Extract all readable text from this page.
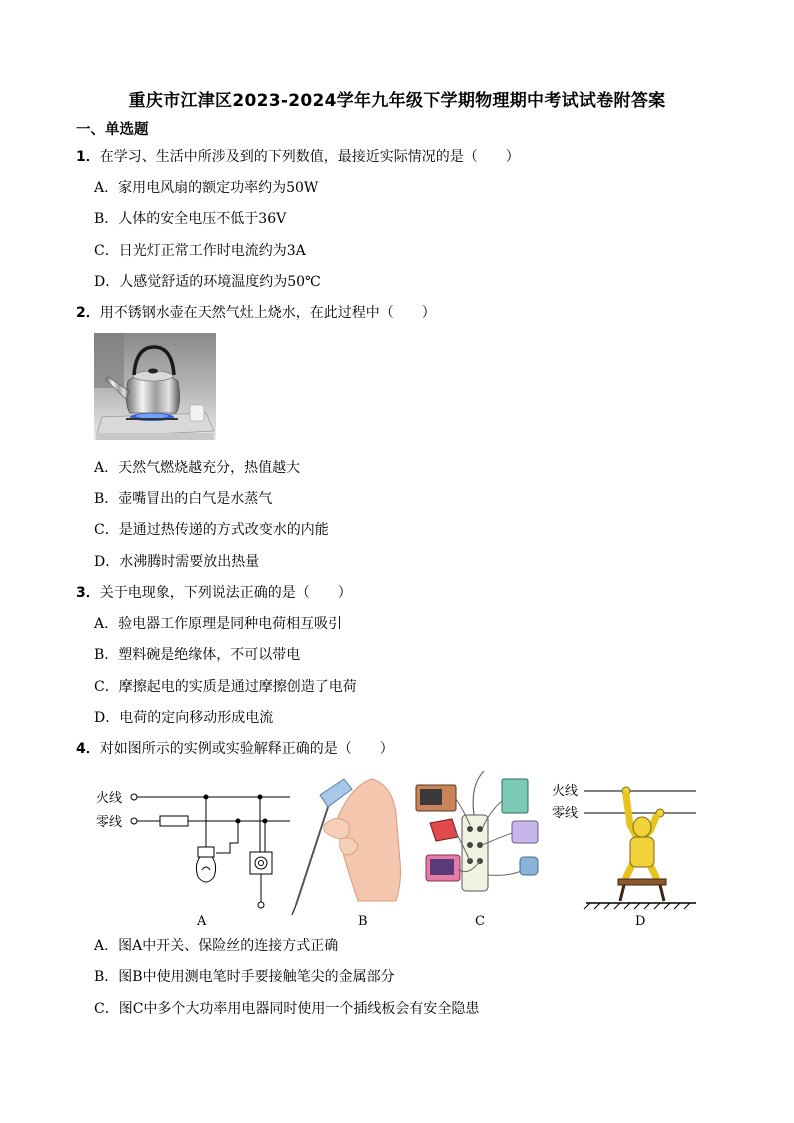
重庆市江津区2023-2024学年九年级下学期物理期中考试试卷附答案
一、单选题
1．在学习、生活中所涉及到的下列数值，最接近实际情况的是（　　）
A．家用电风扇的额定功率约为50W
B．人体的安全电压不低于36V
C．日光灯正常工作时电流约为3A
D．人感觉舒适的环境温度约为50℃
2．用不锈钢水壶在天然气灶上烧水，在此过程中（　　）
A．天然气燃烧越充分，热值越大
B．壶嘴冒出的白气是水蒸气
C．是通过热传递的方式改变水的内能
D．水沸腾时需要放出热量
3．关于电现象，下列说法正确的是（　　）
A．验电器工作原理是同种电荷相互吸引
B．塑料碗是绝缘体，不可以带电
C．摩擦起电的实质是通过摩擦创造了电荷
D．电荷的定向移动形成电流
4．对如图所示的实例或实验解释正确的是（　　）
火线
零线
A	B	C
火线
零线
D
A．图A中开关、保险丝的连接方式正确
B．图B中使用测电笔时手要接触笔尖的金属部分
C．图C中多个大功率用电器同时使用一个插线板会有安全隐患
